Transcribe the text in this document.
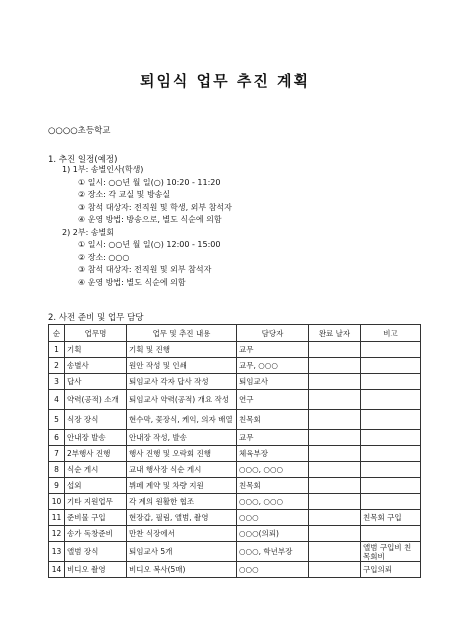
퇴임식 업무 추진 계획
○○○○초등학교
1. 추진 일정(예정)
1) 1부: 송별인사(학생)
① 일시: ○○년 월 일(○) 10:20 - 11:20
② 장소: 각 교실 및 방송실
③ 참석 대상자: 전직원 및 학생, 외부 참석자
④ 운영 방법: 방송으로, 별도 식순에 의함
2) 2부: 송별회
① 일시: ○○년 월 일(○) 12:00 - 15:00
② 장소: ○○○
③ 참석 대상자: 전직원 및 외부 참석자
④ 운영 방법: 별도 식순에 의함
2. 사전 준비 및 업무 담당
순	업무명	업무 및 추진 내용	담당자	완료 날자	비고
1	기획	기획 및 진행	교무		
2	송별사	원안 작성 및 인쇄	교무, ○○○		
3	답사	퇴임교사 각자 답사 작성	퇴임교사		
4	약력(공적) 소개	퇴임교사 약력(공적) 개요 작성	연구		
5	식장 장식	현수막, 꽃장식, 케익, 의자 배열	친목회		
6	안내장 발송	안내장 작성, 발송	교무		
7	2부행사 진행	행사 진행 및 오락회 진행	체육부장		
8	식순 게시	교내 행사장 식순 게시	○○○, ○○○		
9	섭외	뷔페 계약 및 차량 지원	친목회		
10	기타 지원업무	각 계의 원활한 협조	○○○, ○○○		
11	준비물 구입	현장갑, 필림, 앨범, 촬영	○○○		친목회 구입
12	송가 독창준비	만찬 식장에서	○○○(의뢰)		
13	앨범 장식	퇴임교사 5개	○○○, 학년부장		앨범 구입비 친목회비
14	비디오 촬영	비디오 복사(5매)	○○○		구입의뢰
